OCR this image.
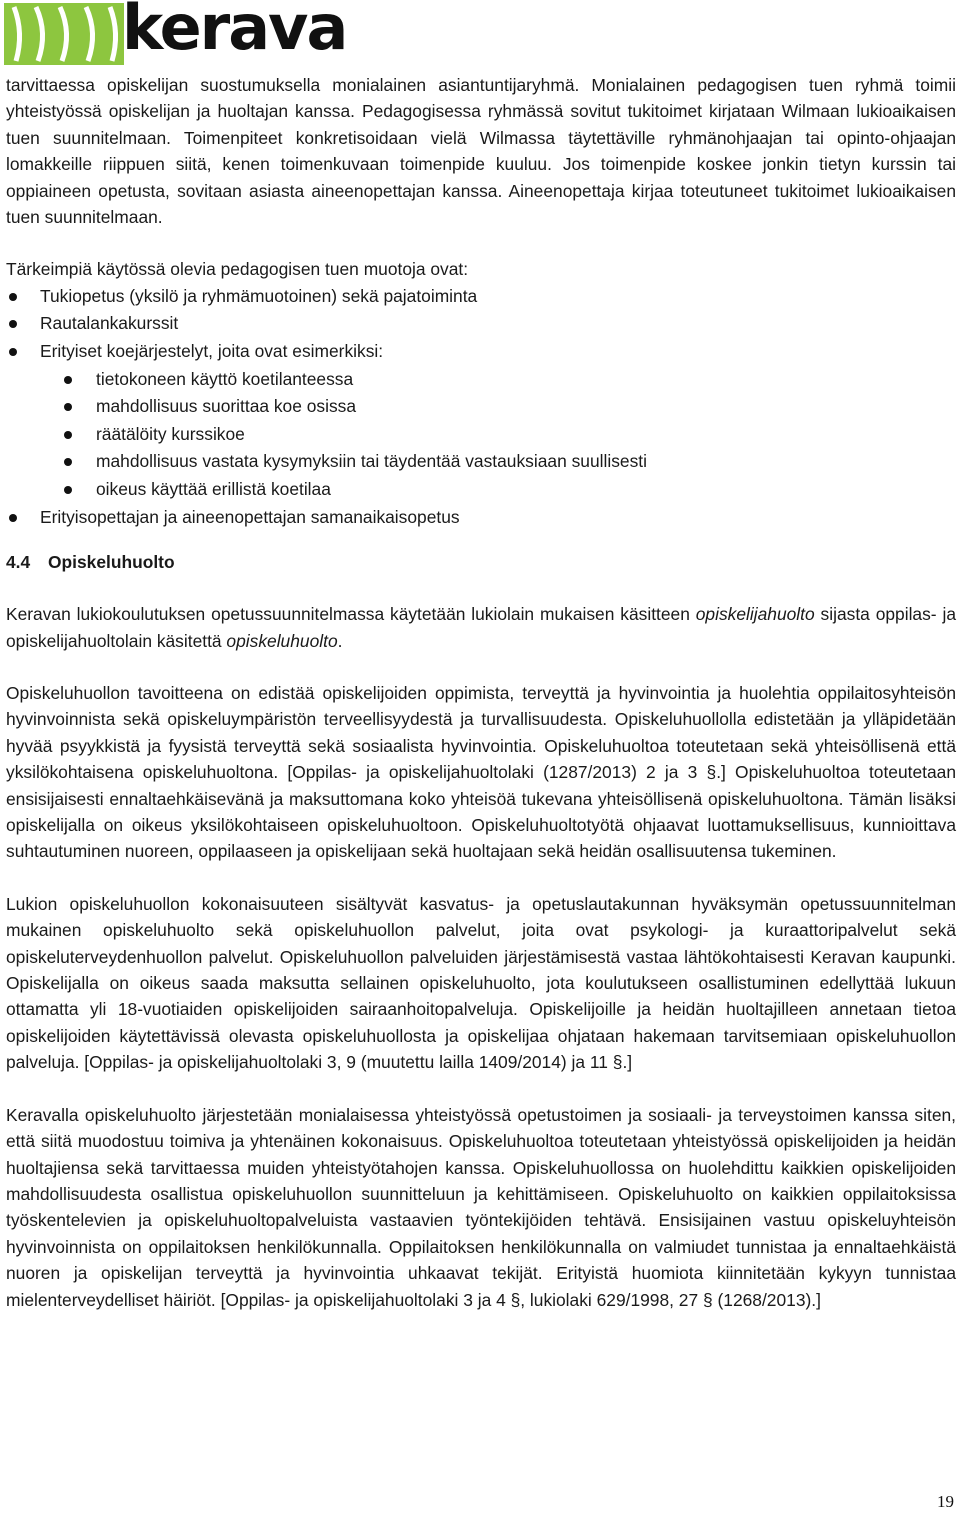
kerava

tarvittaessa opiskelijan suostumuksella monialainen asiantuntijaryhmä. Monialainen pedagogisen tuen ryhmä toimii yhteistyössä opiskelijan ja huoltajan kanssa. Pedagogisessa ryhmässä sovitut tukitoimet kirjataan Wilmaan lukioaikaisen tuen suunnitelmaan. Toimenpiteet konkretisoidaan vielä Wilmassa täytettäville ryhmänohjaajan tai opinto-ohjaajan lomakkeille riippuen siitä, kenen toimenkuvaan toimenpide kuuluu. Jos toimenpide koskee jonkin tietyn kurssin tai oppiaineen opetusta, sovitaan asiasta aineenopettajan kanssa. Aineenopettaja kirjaa toteutuneet tukitoimet lukioaikaisen tuen suunnitelmaan.

Tärkeimpiä käytössä olevia pedagogisen tuen muotoja ovat:

Tukiopetus (yksilö ja ryhmämuotoinen) sekä pajatoiminta
Rautalankakurssit
Erityiset koejärjestelyt, joita ovat esimerkiksi:
tietokoneen käyttö koetilanteessa
mahdollisuus suorittaa koe osissa
räätälöity kurssikoe
mahdollisuus vastata kysymyksiin tai täydentää vastauksiaan suullisesti
oikeus käyttää erillistä koetilaa
Erityisopettajan ja aineenopettajan samanaikaisopetus
4.4 Opiskeluhuolto

Keravan lukiokoulutuksen opetussuunnitelmassa käytetään lukiolain mukaisen käsitteen opiskelijahuolto sijasta oppilas- ja opiskelijahuoltolain käsitettä opiskeluhuolto.

Opiskeluhuollon tavoitteena on edistää opiskelijoiden oppimista, terveyttä ja hyvinvointia ja huolehtia oppilaitosyhteisön hyvinvoinnista sekä opiskeluympäristön terveellisyydestä ja turvallisuudesta. Opiskeluhuollolla edistetään ja ylläpidetään hyvää psyykkistä ja fyysistä terveyttä sekä sosiaalista hyvinvointia. Opiskeluhuoltoa toteutetaan sekä yhteisöllisenä että yksilökohtaisena opiskeluhuoltona. [Oppilas- ja opiskelijahuoltolaki (1287/2013) 2 ja 3 §.] Opiskeluhuoltoa toteutetaan ensisijaisesti ennaltaehkäisevänä ja maksuttomana koko yhteisöä tukevana yhteisöllisenä opiskeluhuoltona. Tämän lisäksi opiskelijalla on oikeus yksilökohtaiseen opiskeluhuoltoon. Opiskeluhuoltotyötä ohjaavat luottamuksellisuus, kunnioittava suhtautuminen nuoreen, oppilaaseen ja opiskelijaan sekä huoltajaan sekä heidän osallisuutensa tukeminen.

Lukion opiskeluhuollon kokonaisuuteen sisältyvät kasvatus- ja opetuslautakunnan hyväksymän opetussuunnitelman mukainen opiskeluhuolto sekä opiskeluhuollon palvelut, joita ovat psykologi- ja kuraattoripalvelut sekä opiskeluterveydenhuollon palvelut. Opiskeluhuollon palveluiden järjestämisestä vastaa lähtökohtaisesti Keravan kaupunki. Opiskelijalla on oikeus saada maksutta sellainen opiskeluhuolto, jota koulutukseen osallistuminen edellyttää lukuun ottamatta yli 18-vuotiaiden opiskelijoiden sairaanhoitopalveluja. Opiskelijoille ja heidän huoltajilleen annetaan tietoa opiskelijoiden käytettävissä olevasta opiskeluhuollosta ja opiskelijaa ohjataan hakemaan tarvitsemiaan opiskeluhuollon palveluja. [Oppilas- ja opiskelijahuoltolaki 3, 9 (muutettu lailla 1409/2014) ja 11 §.]

Keravalla opiskeluhuolto järjestetään monialaisessa yhteistyössä opetustoimen ja sosiaali- ja terveystoimen kanssa siten, että siitä muodostuu toimiva ja yhtenäinen kokonaisuus. Opiskeluhuoltoa toteutetaan yhteistyössä opiskelijoiden ja heidän huoltajiensa sekä tarvittaessa muiden yhteistyötahojen kanssa. Opiskeluhuollossa on huolehdittu kaikkien opiskelijoiden mahdollisuudesta osallistua opiskeluhuollon suunnitteluun ja kehittämiseen. Opiskeluhuolto on kaikkien oppilaitoksissa työskentelevien ja opiskeluhuoltopalveluista vastaavien työntekijöiden tehtävä. Ensisijainen vastuu opiskeluyhteisön hyvinvoinnista on oppilaitoksen henkilökunnalla. Oppilaitoksen henkilökunnalla on valmiudet tunnistaa ja ennaltaehkäistä nuoren ja opiskelijan terveyttä ja hyvinvointia uhkaavat tekijät. Erityistä huomiota kiinnitetään kykyyn tunnistaa mielenterveydelliset häiriöt. [Oppilas- ja opiskelijahuoltolaki 3 ja 4 §, lukiolaki 629/1998, 27 § (1268/2013).]

19
